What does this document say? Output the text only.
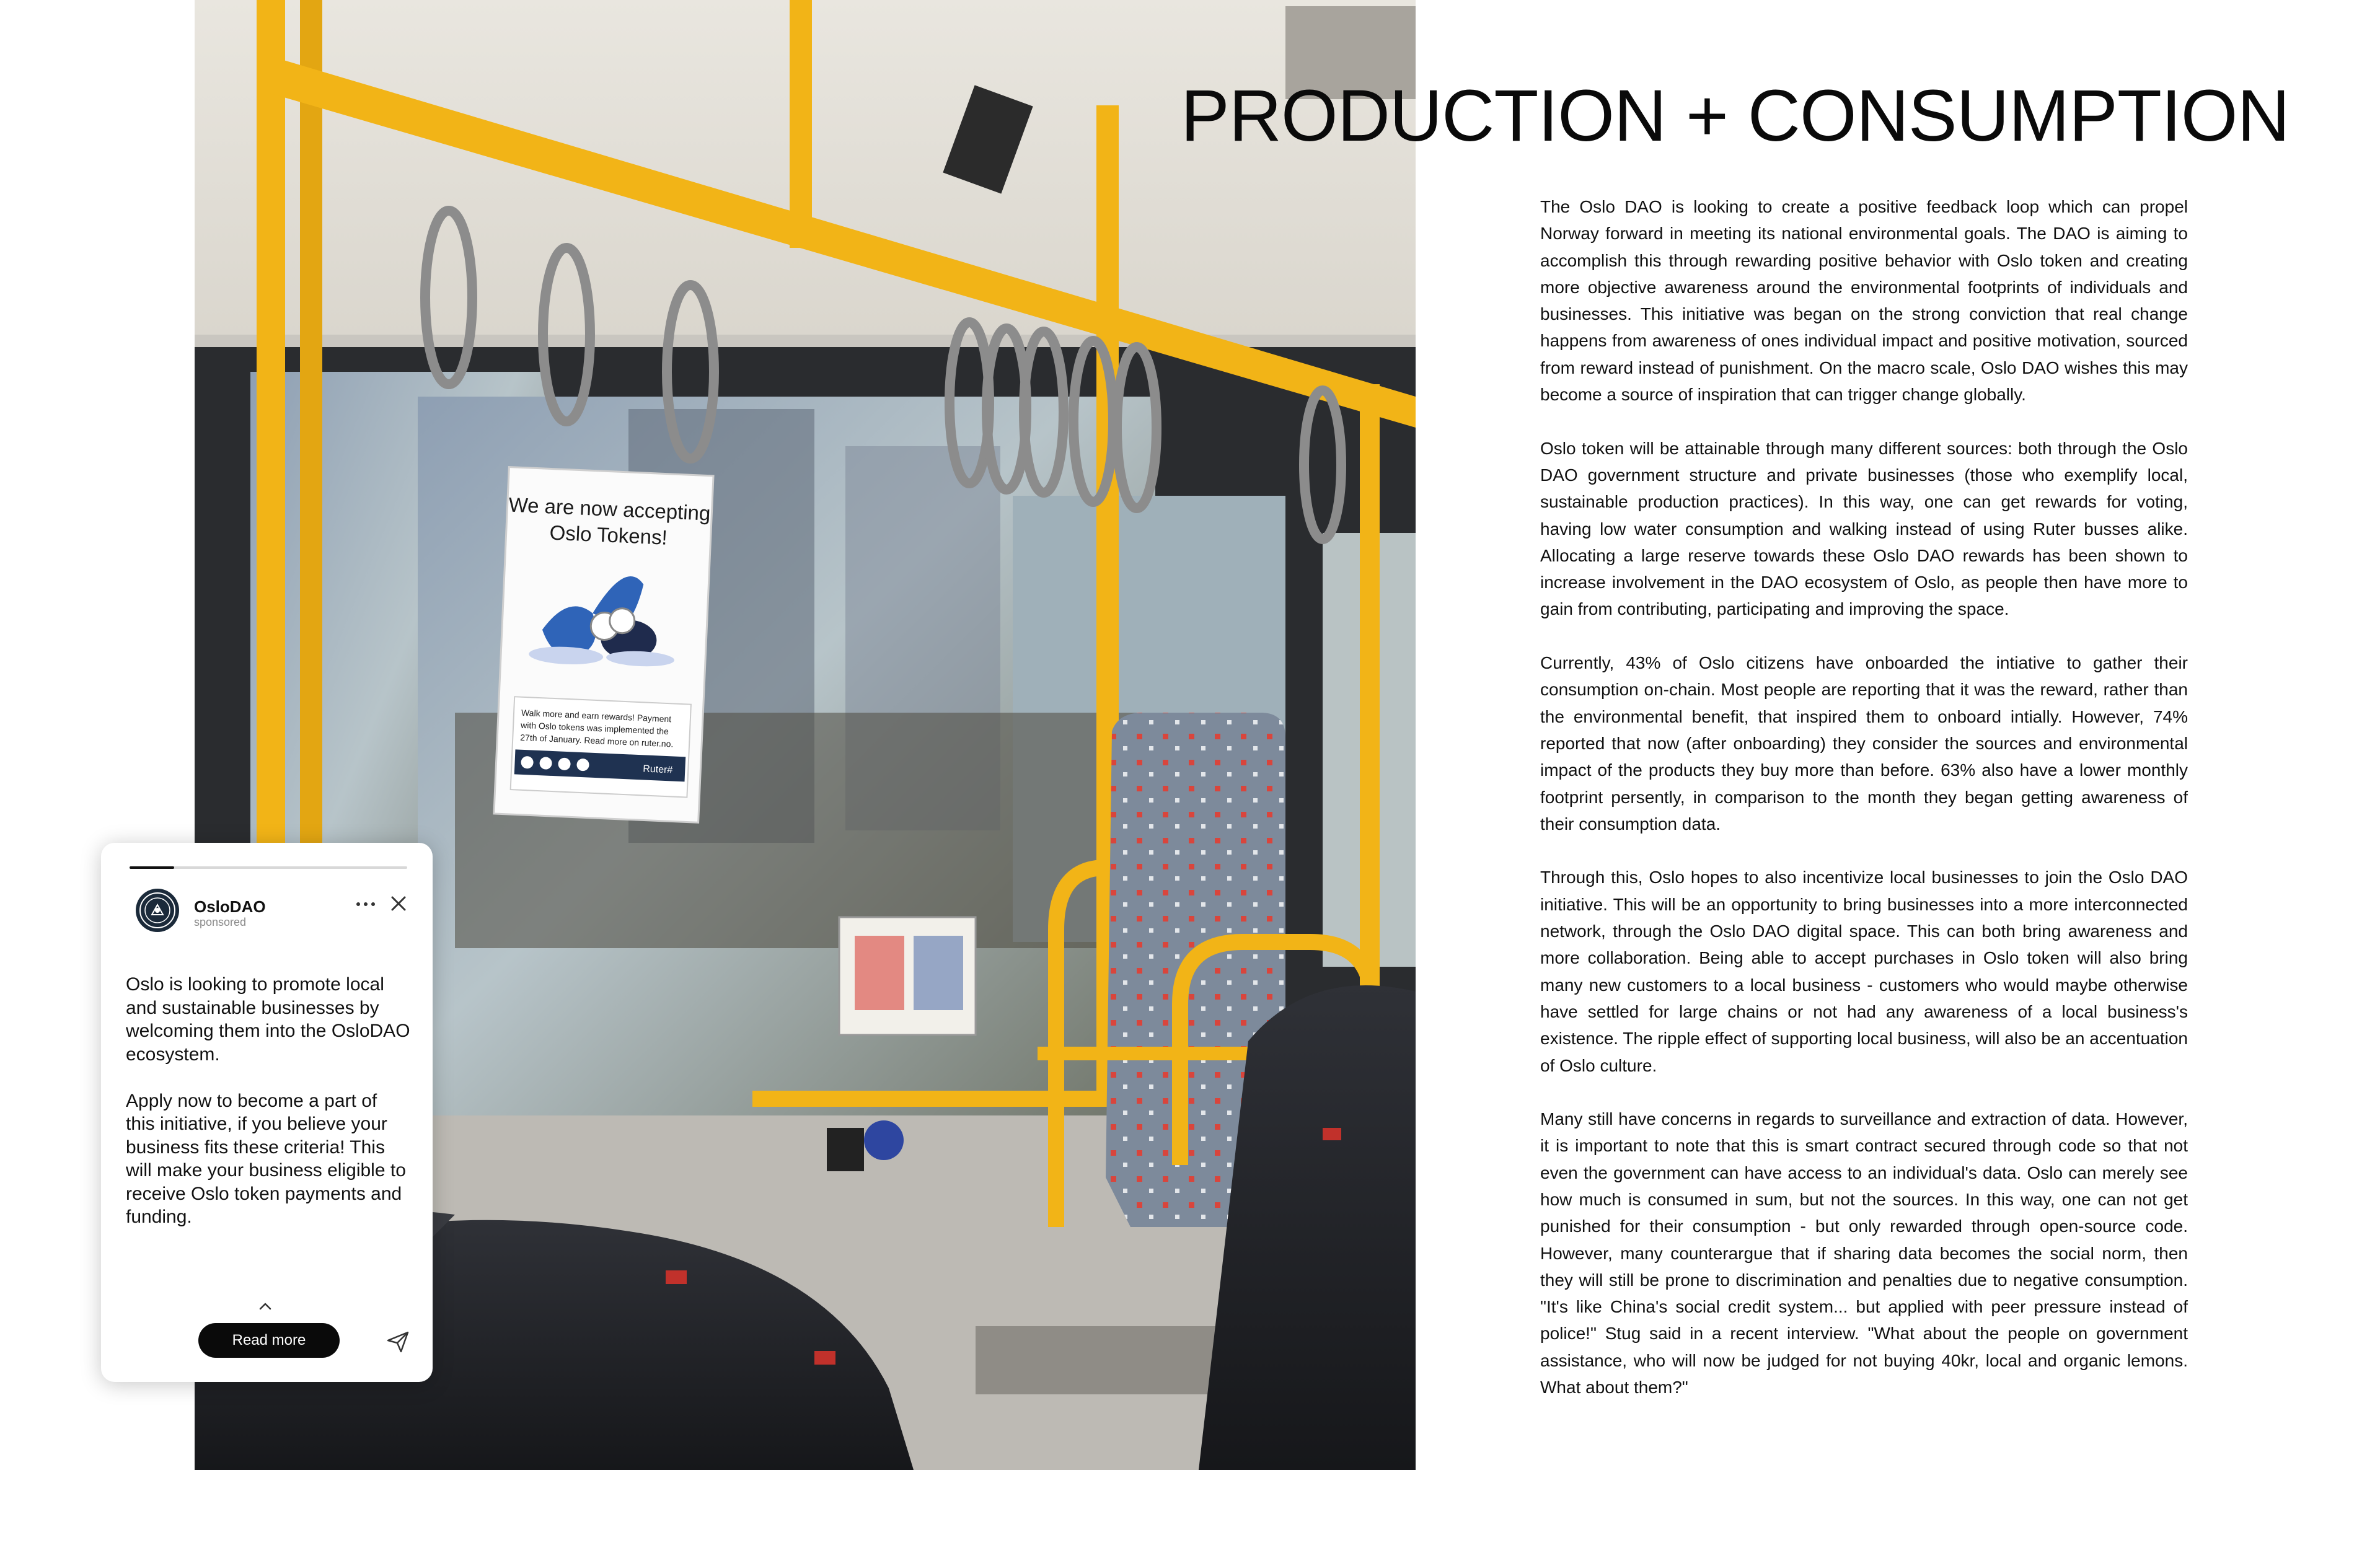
We are now accepting
Oslo Tokens!
Walk more and earn rewards! Payment
with Oslo tokens was implemented the
27th of January. Read more on ruter.no.
Ruter#
PRODUCTION + CONSUMPTION

The Oslo DAO is looking to create a positive feedback loop which can propel Norway forward in meeting its national environmental goals. The DAO is aiming to accomplish this through rewarding positive behavior with Oslo token and creating more objective awareness around the environmental footprints of individuals and businesses. This initiative was began on the strong conviction that real change happens from awareness of ones individual impact and positive motivation, sourced from reward instead of punishment. On the macro scale, Oslo DAO wishes this may become a source of inspiration that can trigger change globally.

Oslo token will be attainable through many different sources: both through the Oslo DAO government structure and private businesses (those who exemplify local, sustainable production practices). In this way, one can get rewards for voting, having low water consumption and walking instead of using Ruter busses alike. Allocating a large reserve towards these Oslo DAO rewards has been shown to increase involvement in the DAO ecosystem of Oslo, as people then have more to gain from contributing, participating and improving the space.

Currently, 43% of Oslo citizens have onboarded the intiative to gather their consumption on-chain. Most people are reporting that it was the reward, rather than the environmental benefit, that inspired them to onboard intially. However, 74% reported that now (after onboarding) they consider the sources and environmental impact of the products they buy more than before. 63% also have a lower monthly footprint persently, in comparison to the month they began getting awareness of their consumption data.

Through this, Oslo hopes to also incentivize local businesses to join the Oslo DAO initiative. This will be an opportunity to bring businesses into a more interconnected network, through the Oslo DAO digital space. This can both bring awareness and more collaboration. Being able to accept purchases in Oslo token will also bring many new customers to a local business - customers who would maybe otherwise have settled for large chains or not had any awareness of a local business's existence. The ripple effect of supporting local business, will also be an accentuation of Oslo culture.

Many still have concerns in regards to surveillance and extraction of data. However, it is important to note that this is smart contract secured through code so that not even the government can have access to an individual's data. Oslo can merely see how much is consumed in sum, but not the sources. In this way, one can not get punished for their consumption - but only rewarded through open-source code. However, many counterargue that if sharing data becomes the social norm, then they will still be prone to discrimination and penalties due to negative consumption. "It's like China's social credit system... but applied with peer pressure instead of police!" Stug said in a recent interview. "What about the people on government assistance, who will now be judged for not buying 40kr, local and organic lemons. What about them?"

OsloDAO
sponsored

Oslo is looking to promote local and sustainable businesses by welcoming them into the OsloDAO ecosystem.

Apply now to become a part of this initiative, if you believe your business fits these criteria! This will make your business eligible to receive Oslo token payments and funding.

Read more
